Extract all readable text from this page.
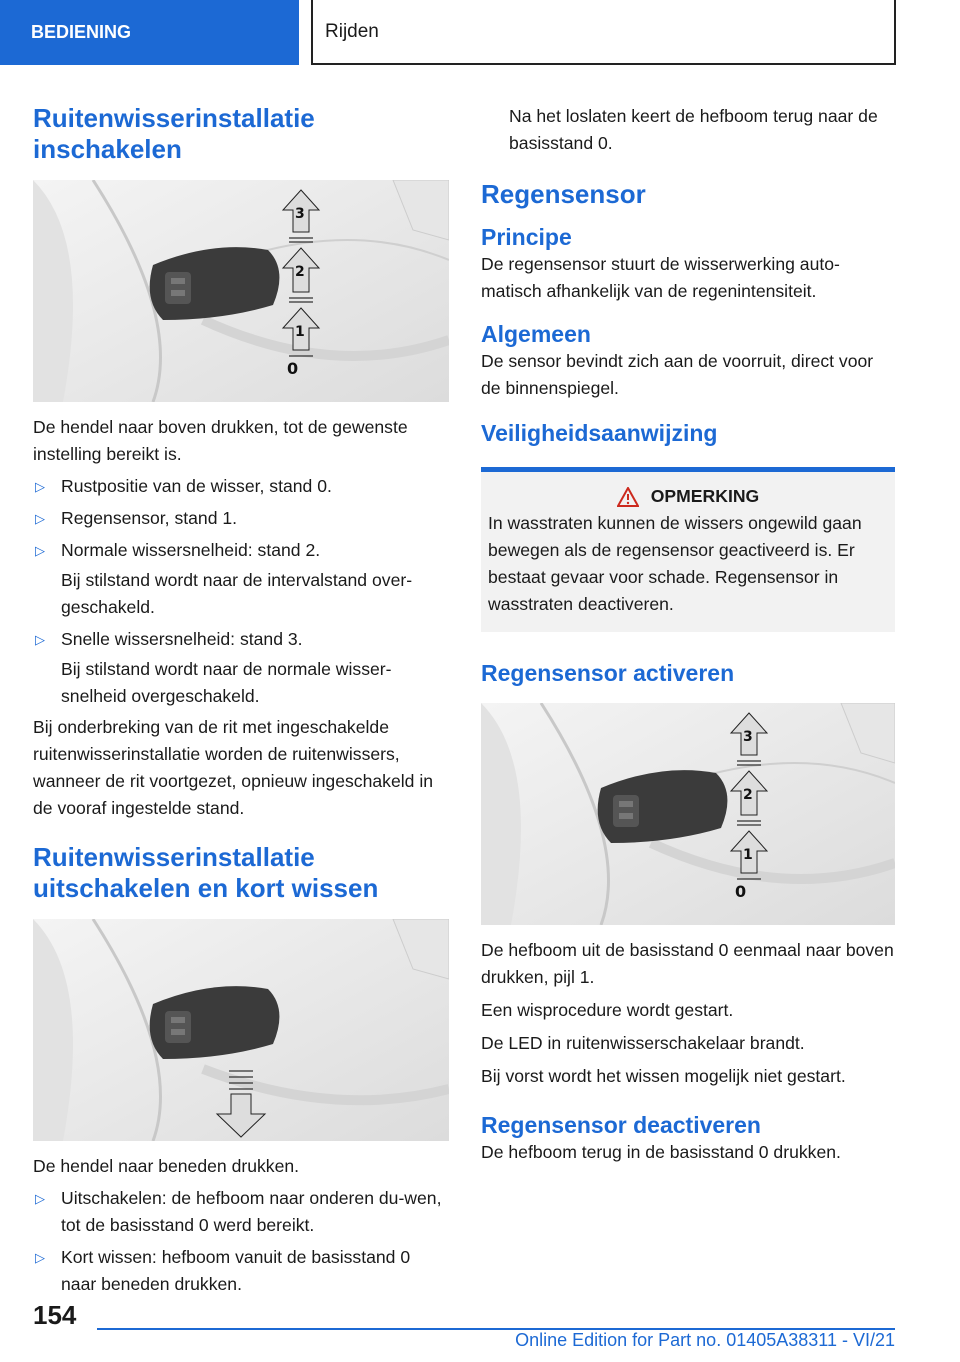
BEDIENING	Rijden
Ruitenwisserinstallatie inschakelen
3
2
1
0

De hendel naar boven drukken, tot de gewenste instelling bereikt is.

▷ Rustpositie van de wisser, stand 0.
▷ Regensensor, stand 1.
▷ Normale wissersnelheid: stand 2.
Bij stilstand wordt naar de intervalstand over-geschakeld.
▷ Snelle wissersnelheid: stand 3.
Bij stilstand wordt naar de normale wisser-snelheid overgeschakeld.

Bij onderbreking van de rit met ingeschakelde ruitenwisserinstallatie worden de ruitenwissers, wanneer de rit voortgezet, opnieuw ingeschakeld in de vooraf ingestelde stand.

Ruitenwisserinstallatie uitschakelen en kort wissen

De hendel naar beneden drukken.

▷ Uitschakelen: de hefboom naar onderen du-wen, tot de basisstand 0 werd bereikt.
▷ Kort wissen: hefboom vanuit de basisstand 0 naar beneden drukken.

Na het loslaten keert de hefboom terug naar de basisstand 0.

Regensensor
Principe

De regensensor stuurt de wisserwerking auto-matisch afhankelijk van de regenintensiteit.

Algemeen

De sensor bevindt zich aan de voorruit, direct voor de binnenspiegel.

Veiligheidsaanwijzing
OPMERKING

In wasstraten kunnen de wissers ongewild gaan bewegen als de regensensor geactiveerd is. Er bestaat gevaar voor schade. Regensensor in wasstraten deactiveren.

Regensensor activeren
3
2
1
0

De hefboom uit de basisstand 0 eenmaal naar boven drukken, pijl 1.

Een wisprocedure wordt gestart.

De LED in ruitenwisserschakelaar brandt.

Bij vorst wordt het wissen mogelijk niet gestart.

Regensensor deactiveren

De hefboom terug in de basisstand 0 drukken.

154
Online Edition for Part no. 01405A38311 - VI/21
